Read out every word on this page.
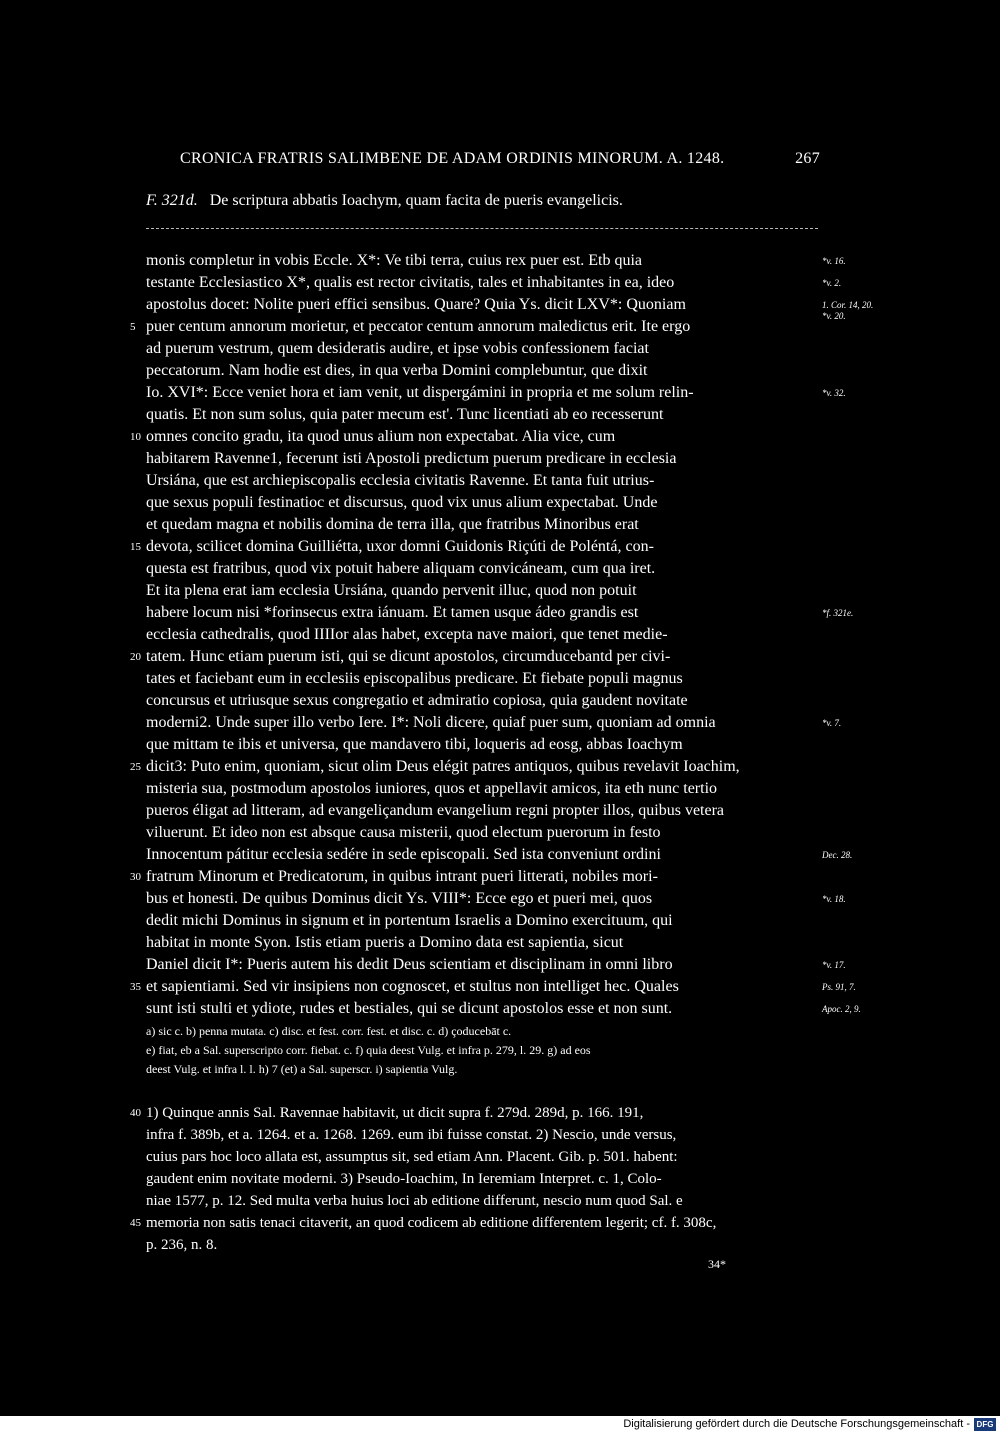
CRONICA FRATRIS SALIMBENE DE ADAM ORDINIS MINORUM. A. 1248.	267
F. 321d. De scriptura abbatis Ioachym, quam facita de pueris evangelicis.
monis completur in vobis Eccle. X*: Ve tibi terra, cuius rex puer est. Etb quia
testante Ecclesiastico X*, qualis est rector civitatis, tales et inhabitantes in ea, ideo
apostolus docet: Nolite pueri effici sensibus. Quare? Quia Ys. dicit LXV*: Quoniam
puer centum annorum morietur, et peccator centum annorum maledictus erit. Ite ergo
ad puerum vestrum, quem desideratis audire, et ipse vobis confessionem faciat
peccatorum. Nam hodie est dies, in qua verba Domini complebuntur, que dixit
Io. XVI*: Ecce veniet hora et iam venit, ut dispergámini in propria et me solum relin-
quatis. Et non sum solus, quia pater mecum est'. Tunc licentiati ab eo recesserunt
omnes concito gradu, ita quod unus alium non expectabat. Alia vice, cum
habitarem Ravenne1, fecerunt isti Apostoli predictum puerum predicare in ecclesia
Ursiána, que est archiepiscopalis ecclesia civitatis Ravenne. Et tanta fuit utrius-
que sexus populi festinatioc et discursus, quod vix unus alium expectabat. Unde
et quedam magna et nobilis domina de terra illa, que fratribus Minoribus erat
devota, scilicet domina Guilliétta, uxor domni Guidonis Riçúti de Poléntá, con-
questa est fratribus, quod vix potuit habere aliquam convicáneam, cum qua iret.
Et ita plena erat iam ecclesia Ursiána, quando pervenit illuc, quod non potuit
habere locum nisi *forinsecus extra iánuam. Et tamen usque ádeo grandis est
ecclesia cathedralis, quod IIIIor alas habet, excepta nave maiori, que tenet medie-
tatem. Hunc etiam puerum isti, qui se dicunt apostolos, circumducebantd per civi-
tates et faciebant eum in ecclesiis episcopalibus predicare. Et fiebate populi magnus
concursus et utriusque sexus congregatio et admiratio copiosa, quia gaudent novitate
moderni2. Unde super illo verbo Iere. I*: Noli dicere, quiaf puer sum, quoniam ad omnia
que mittam te ibis et universa, que mandavero tibi, loqueris ad eosg, abbas Ioachym
dicit3: Puto enim, quoniam, sicut olim Deus elégit patres antiquos, quibus revelavit Ioachim,
misteria sua, postmodum apostolos iuniores, quos et appellavit amicos, ita eth nunc tertio
pueros éligat ad litteram, ad evangeliçandum evangelium regni propter illos, quibus vetera
viluerunt. Et ideo non est absque causa misterii, quod electum puerorum in festo
Innocentum pátitur ecclesia sedére in sede episcopali. Sed ista conveniunt ordini
fratrum Minorum et Predicatorum, in quibus intrant pueri litterati, nobiles mori-
bus et honesti. De quibus Dominus dicit Ys. VIII*: Ecce ego et pueri mei, quos
dedit michi Dominus in signum et in portentum Israelis a Domino exercituum, qui
habitat in monte Syon. Istis etiam pueris a Domino data est sapientia, sicut
Daniel dicit I*: Pueris autem his dedit Deus scientiam et disciplinam in omni libro
et sapientiami. Sed vir insipiens non cognoscet, et stultus non intelliget hec. Quales
sunt isti stulti et ydiote, rudes et bestiales, qui se dicunt apostolos esse et non sunt.
5
10
15
20
25
30
35
*v. 16.
*v. 2.
1. Cor. 14, 20.
*v. 20.
*v. 32.
*f. 321e.
*v. 7.
Dec. 28.
*v. 18.
*v. 17.
Ps. 91, 7.
Apoc. 2, 9.
a) sic c. b) penna mutata. c) disc. et fest. corr. fest. et disc. c. d) çoducebāt c.
e) fiat, eb a Sal. superscripto corr. fiebat. c. f) quia deest Vulg. et infra p. 279, l. 29. g) ad eos
deest Vulg. et infra l. l. h) 7 (et) a Sal. superscr. i) sapientia Vulg.
40
45
1) Quinque annis Sal. Ravennae habitavit, ut dicit supra f. 279d. 289d, p. 166. 191,
infra f. 389b, et a. 1264. et a. 1268. 1269. eum ibi fuisse constat. 2) Nescio, unde versus,
cuius pars hoc loco allata est, assumptus sit, sed etiam Ann. Placent. Gib. p. 501. habent:
gaudent enim novitate moderni. 3) Pseudo-Ioachim, In Ieremiam Interpret. c. 1, Colo-
niae 1577, p. 12. Sed multa verba huius loci ab editione differunt, nescio num quod Sal. e
memoria non satis tenaci citaverit, an quod codicem ab editione differentem legerit; cf. f. 308c,
p. 236, n. 8.
34*
Digitalisierung gefördert durch die Deutsche Forschungsgemeinschaft - DFG
